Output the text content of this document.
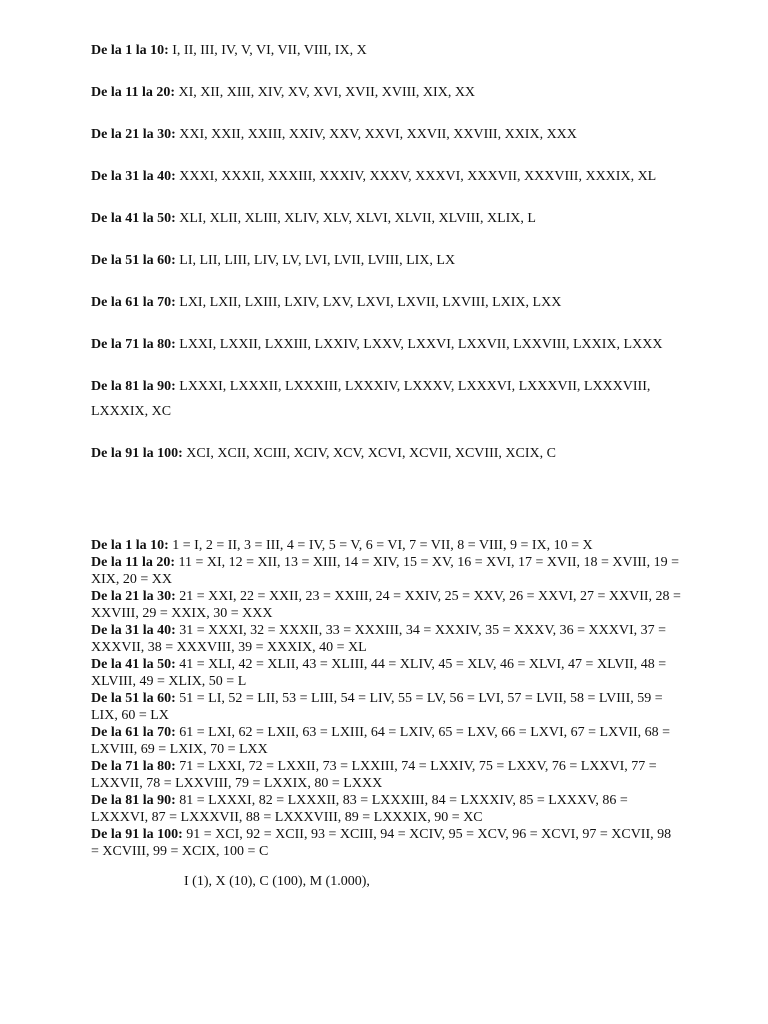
De la 1 la 10: I, II, III, IV, V, VI, VII, VIII, IX, X

De la 11 la 20: XI, XII, XIII, XIV, XV, XVI, XVII, XVIII, XIX, XX

De la 21 la 30: XXI, XXII, XXIII, XXIV, XXV, XXVI, XXVII, XXVIII, XXIX, XXX

De la 31 la 40: XXXI, XXXII, XXXIII, XXXIV, XXXV, XXXVI, XXXVII, XXXVIII, XXXIX, XL

De la 41 la 50: XLI, XLII, XLIII, XLIV, XLV, XLVI, XLVII, XLVIII, XLIX, L

De la 51 la 60: LI, LII, LIII, LIV, LV, LVI, LVII, LVIII, LIX, LX

De la 61 la 70: LXI, LXII, LXIII, LXIV, LXV, LXVI, LXVII, LXVIII, LXIX, LXX

De la 71 la 80: LXXI, LXXII, LXXIII, LXXIV, LXXV, LXXVI, LXXVII, LXXVIII, LXXIX, LXXX

De la 81 la 90: LXXXI, LXXXII, LXXXIII, LXXXIV, LXXXV, LXXXVI, LXXXVII, LXXXVIII, LXXXIX, XC

De la 91 la 100: XCI, XCII, XCIII, XCIV, XCV, XCVI, XCVII, XCVIII, XCIX, C

De la 1 la 10: 1 = I, 2 = II, 3 = III, 4 = IV, 5 = V, 6 = VI, 7 = VII, 8 = VIII, 9 = IX, 10 = X

De la 11 la 20: 11 = XI, 12 = XII, 13 = XIII, 14 = XIV, 15 = XV, 16 = XVI, 17 = XVII, 18 = XVIII, 19 = XIX, 20 = XX

De la 21 la 30: 21 = XXI, 22 = XXII, 23 = XXIII, 24 = XXIV, 25 = XXV, 26 = XXVI, 27 = XXVII, 28 = XXVIII, 29 = XXIX, 30 = XXX

De la 31 la 40: 31 = XXXI, 32 = XXXII, 33 = XXXIII, 34 = XXXIV, 35 = XXXV, 36 = XXXVI, 37 = XXXVII, 38 = XXXVIII, 39 = XXXIX, 40 = XL

De la 41 la 50: 41 = XLI, 42 = XLII, 43 = XLIII, 44 = XLIV, 45 = XLV, 46 = XLVI, 47 = XLVII, 48 = XLVIII, 49 = XLIX, 50 = L

De la 51 la 60: 51 = LI, 52 = LII, 53 = LIII, 54 = LIV, 55 = LV, 56 = LVI, 57 = LVII, 58 = LVIII, 59 = LIX, 60 = LX

De la 61 la 70: 61 = LXI, 62 = LXII, 63 = LXIII, 64 = LXIV, 65 = LXV, 66 = LXVI, 67 = LXVII, 68 = LXVIII, 69 = LXIX, 70 = LXX

De la 71 la 80: 71 = LXXI, 72 = LXXII, 73 = LXXIII, 74 = LXXIV, 75 = LXXV, 76 = LXXVI, 77 = LXXVII, 78 = LXXVIII, 79 = LXXIX, 80 = LXXX

De la 81 la 90: 81 = LXXXI, 82 = LXXXII, 83 = LXXXIII, 84 = LXXXIV, 85 = LXXXV, 86 = LXXXVI, 87 = LXXXVII, 88 = LXXXVIII, 89 = LXXXIX, 90 = XC

De la 91 la 100: 91 = XCI, 92 = XCII, 93 = XCIII, 94 = XCIV, 95 = XCV, 96 = XCVI, 97 = XCVII, 98 = XCVIII, 99 = XCIX, 100 = C

I (1), X (10), C (100), M (1.000),
